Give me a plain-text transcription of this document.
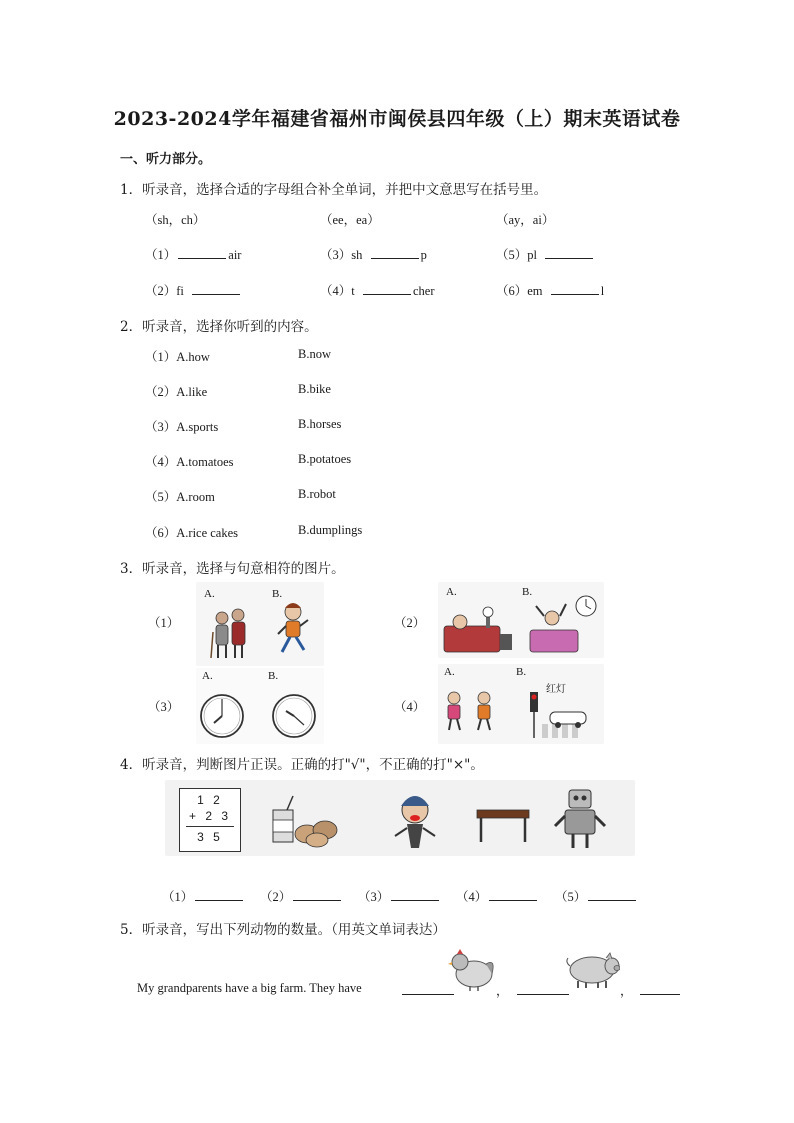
2023-2024学年福建省福州市闽侯县四年级（上）期末英语试卷
一、听力部分。
1．听录音，选择合适的字母组合补全单词，并把中文意思写在括号里。
（sh，ch）	（ee，ea）	（ay，ai）
（1）	air	（3）sh	p	（5）pl
（2）fi	（4）t	cher	（6）em	l
2．听录音，选择你听到的内容。
（1）A.how	B.now
（2）A.like	B.bike
（3）A.sports	B.horses
（4）A.tomatoes	B.potatoes
（5）A.room	B.robot
（6）A.rice cakes	B.dumplings
3．听录音，选择与句意相符的图片。
（1）	（2）
（3）	（4）
A.	B.	A.	B.
A.	B.	A.	B.
红灯
4．听录音，判断图片正误。正确的打"√"，不正确的打"×"。
1 2
+ 2 3
3 5
（1）	（2）	（3）	（4）	（5）
5．听录音，写出下列动物的数量。（用英文单词表达）
My grandparents have a big farm. They have	，	，
